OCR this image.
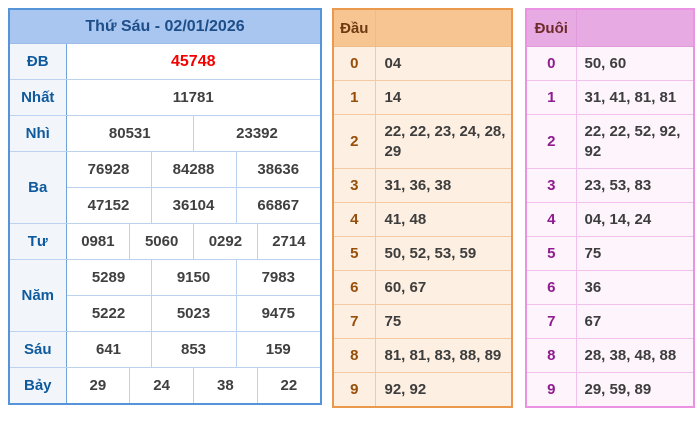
Thứ Sáu - 02/01/2026						
ĐB	45748					
Nhất	11781					
Nhì	80531			23392		
Ba	76928		84288		38636	
	47152		36104		66867	
Tư	0981	5060		0292		2714
Năm	5289		9150		7983	
	5222		5023		9475	
Sáu	641		853		159	
Bảy	29	24		38		22
Đầu	
0	04
1	14
2	22, 22, 23, 24, 28, 29
3	31, 36, 38
4	41, 48
5	50, 52, 53, 59
6	60, 67
7	75
8	81, 81, 83, 88, 89
9	92, 92
Đuôi	
0	50, 60
1	31, 41, 81, 81
2	22, 22, 52, 92, 92
3	23, 53, 83
4	04, 14, 24
5	75
6	36
7	67
8	28, 38, 48, 88
9	29, 59, 89
